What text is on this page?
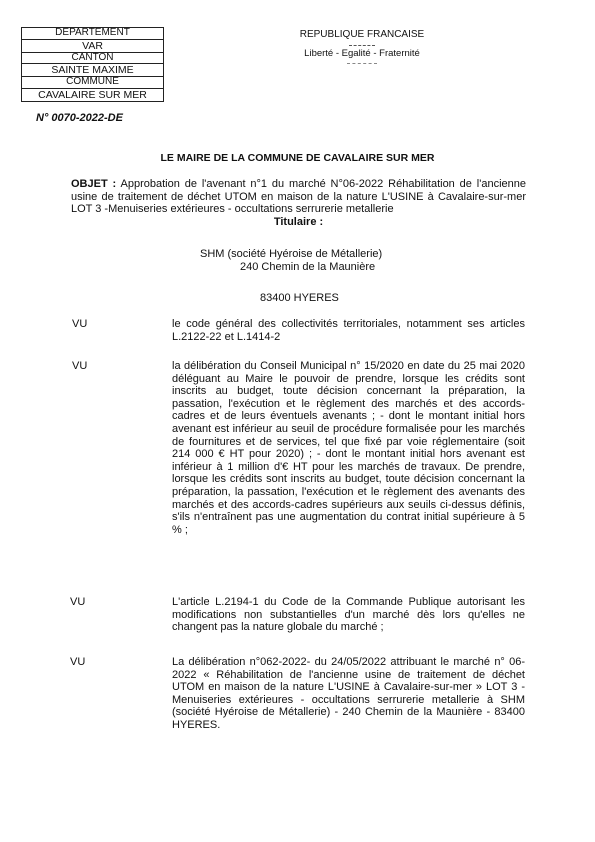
DEPARTEMENT
VAR
CANTON
SAINTE MAXIME
COMMUNE
CAVALAIRE SUR MER
REPUBLIQUE FRANCAISE
Liberté - Egalité - Fraternité
N° 0070-2022-DE
LE MAIRE DE LA COMMUNE DE CAVALAIRE SUR MER
OBJET : Approbation de l'avenant n°1 du marché N°06-2022 Réhabilitation de l'ancienne usine de traitement de déchet UTOM en maison de la nature L'USINE à Cavalaire-sur-mer LOT 3 -Menuiseries extérieures - occultations serrurerie metallerie
Titulaire :
SHM (société Hyéroise de Métallerie)
240 Chemin de la Maunière
83400 HYERES
VU	le code général des collectivités territoriales, notamment ses articles L.2122-22 et L.1414-2
VU	la délibération du Conseil Municipal n° 15/2020 en date du 25 mai 2020 déléguant au Maire le pouvoir de prendre, lorsque les crédits sont inscrits au budget, toute décision concernant la préparation, la passation, l'exécution et le règlement des marchés et des accords-cadres et de leurs éventuels avenants ; - dont le montant initial hors avenant est inférieur au seuil de procédure formalisée pour les marchés de fournitures et de services, tel que fixé par voie réglementaire (soit 214 000 € HT pour 2020) ; - dont le montant initial hors avenant est inférieur à 1 million d'€ HT pour les marchés de travaux. De prendre, lorsque les crédits sont inscrits au budget, toute décision concernant la préparation, la passation, l'exécution et le règlement des avenants des marchés et des accords-cadres supérieurs aux seuils ci-dessus définis, s'ils n'entraînent pas une augmentation du contrat initial supérieure à 5 % ;
VU	L'article L.2194-1 du Code de la Commande Publique autorisant les modifications non substantielles d'un marché dès lors qu'elles ne changent pas la nature globale du marché ;
VU	La délibération n°062-2022- du 24/05/2022 attribuant le marché n° 06-2022 « Réhabilitation de l'ancienne usine de traitement de déchet UTOM en maison de la nature L'USINE à Cavalaire-sur-mer » LOT 3 -Menuiseries extérieures - occultations serrurerie metallerie à SHM (société Hyéroise de Métallerie) - 240 Chemin de la Maunière - 83400 HYERES.
